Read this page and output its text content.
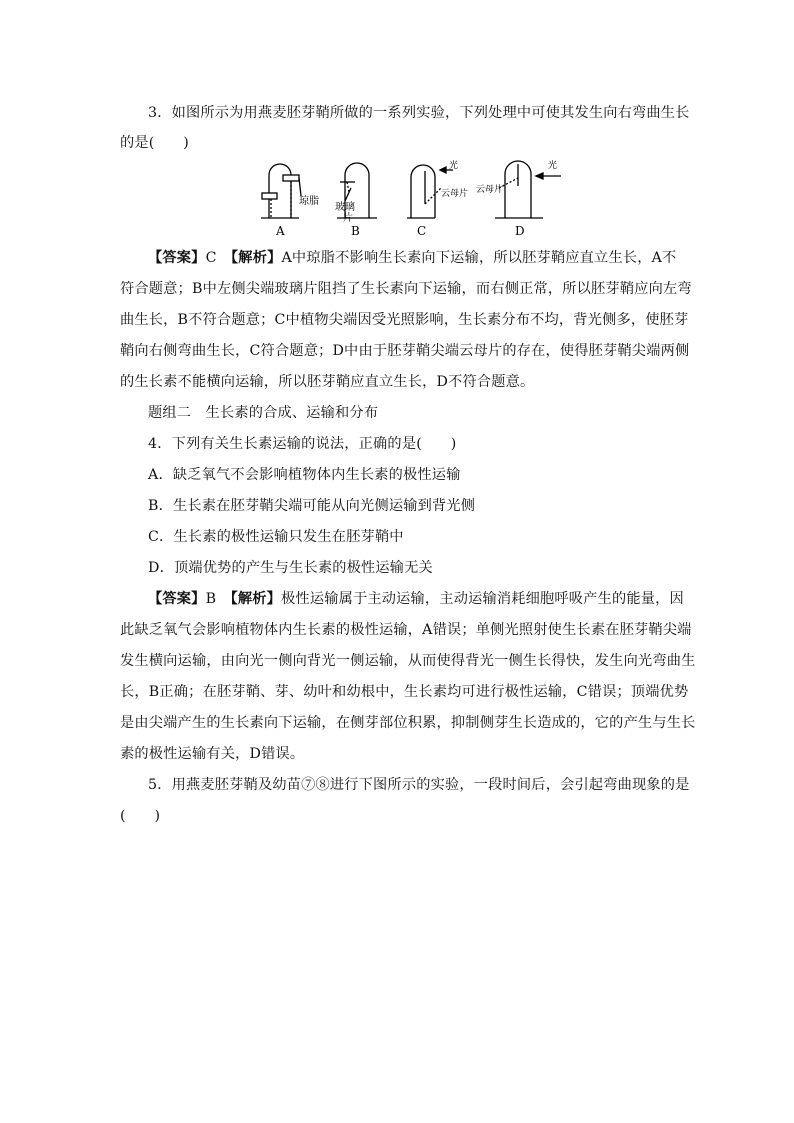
3．如图所示为用燕麦胚芽鞘所做的一系列实验，下列处理中可使其发生向右弯曲生长
的是(　　)
A	B	C	D
琼脂
玻璃
片
光
云母片 云母片
光
【答案】C　 【解析】A中琼脂不影响生长素向下运输，所以胚芽鞘应直立生长，A不
符合题意；B中左侧尖端玻璃片阻挡了生长素向下运输，而右侧正常，所以胚芽鞘应向左弯
曲生长，B不符合题意；C中植物尖端因受光照影响，生长素分布不均，背光侧多，使胚芽
鞘向右侧弯曲生长，C符合题意；D中由于胚芽鞘尖端云母片的存在，使得胚芽鞘尖端两侧
的生长素不能横向运输，所以胚芽鞘应直立生长，D不符合题意。
题组二　生长素的合成、运输和分布
4．下列有关生长素运输的说法，正确的是(　　)
A．缺乏氧气不会影响植物体内生长素的极性运输
B．生长素在胚芽鞘尖端可能从向光侧运输到背光侧
C．生长素的极性运输只发生在胚芽鞘中
D．顶端优势的产生与生长素的极性运输无关
【答案】B　 【解析】极性运输属于主动运输，主动运输消耗细胞呼吸产生的能量，因
此缺乏氧气会影响植物体内生长素的极性运输，A错误；单侧光照射使生长素在胚芽鞘尖端
发生横向运输，由向光一侧向背光一侧运输，从而使得背光一侧生长得快，发生向光弯曲生
长，B正确；在胚芽鞘、芽、幼叶和幼根中，生长素均可进行极性运输，C错误；顶端优势
是由尖端产生的生长素向下运输，在侧芽部位积累，抑制侧芽生长造成的，它的产生与生长
素的极性运输有关，D错误。
5．用燕麦胚芽鞘及幼苗⑦⑧进行下图所示的实验，一段时间后，会引起弯曲现象的是
(　　)
